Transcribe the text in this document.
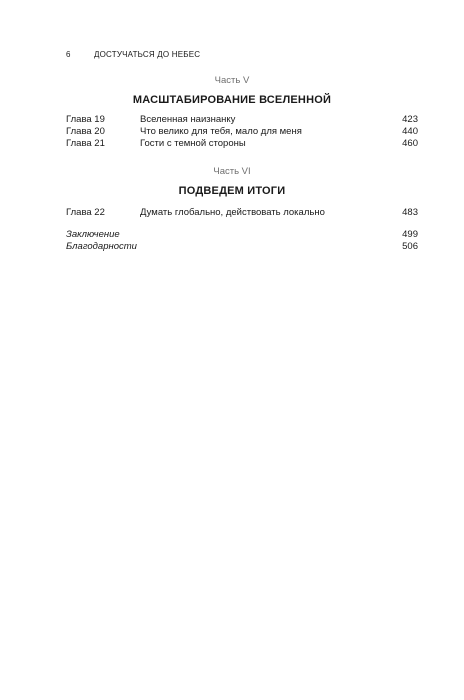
6	ДОСТУЧАТЬСЯ ДО НЕБЕС
Часть V
МАСШТАБИРОВАНИЕ ВСЕЛЕННОЙ
Глава 19	Вселенная наизнанку	423
Глава 20	Что велико для тебя, мало для меня	440
Глава 21	Гости с темной стороны	460
Часть VI
ПОДВЕДЕМ ИТОГИ
Глава 22	Думать глобально, действовать локально	483
Заключение	499
Благодарности	506
